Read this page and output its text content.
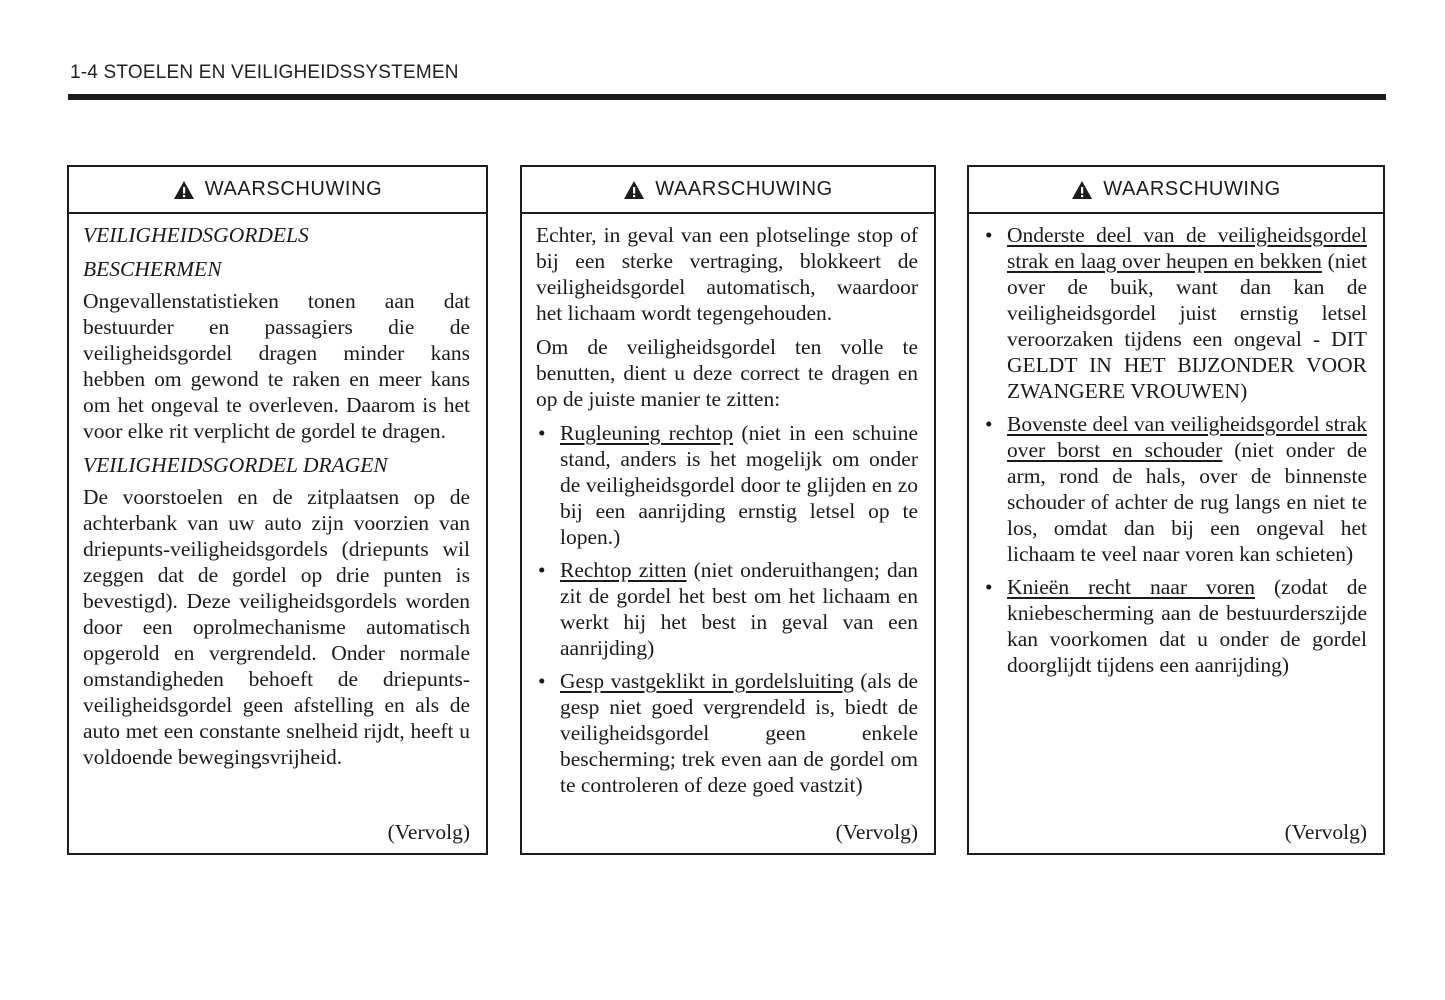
1-4 STOELEN EN VEILIGHEIDSSYSTEMEN
WAARSCHUWING

VEILIGHEIDSGORDELS

BESCHERMEN

Ongevallenstatistieken tonen aan dat bestuurder en passagiers die de veiligheidsgordel dragen minder kans hebben om gewond te raken en meer kans om het ongeval te overleven. Daarom is het voor elke rit verplicht de gordel te dragen.

VEILIGHEIDSGORDEL DRAGEN

De voorstoelen en de zitplaatsen op de achterbank van uw auto zijn voorzien van driepunts-veiligheidsgordels (driepunts wil zeggen dat de gordel op drie punten is bevestigd). Deze veiligheidsgordels worden door een oprolmechanisme automatisch opgerold en vergrendeld. Onder normale omstandigheden behoeft de driepunts-veiligheidsgordel geen afstelling en als de auto met een constante snelheid rijdt, heeft u voldoende bewegingsvrijheid.

(Vervolg)
WAARSCHUWING

Echter, in geval van een plotselinge stop of bij een sterke vertraging, blokkeert de veiligheidsgordel automatisch, waardoor het lichaam wordt tegengehouden.

Om de veiligheidsgordel ten volle te benutten, dient u deze correct te dragen en op de juiste manier te zitten:

• Rugleuning rechtop (niet in een schuine stand, anders is het mogelijk om onder de veiligheidsgordel door te glijden en zo bij een aanrijding ernstig letsel op te lopen.)
• Rechtop zitten (niet onderuithangen; dan zit de gordel het best om het lichaam en werkt hij het best in geval van een aanrijding)
• Gesp vastgeklikt in gordelsluiting (als de gesp niet goed vergrendeld is, biedt de veiligheidsgordel geen enkele bescherming; trek even aan de gordel om te controleren of deze goed vastzit)
(Vervolg)
WAARSCHUWING
• Onderste deel van de veiligheidsgordel strak en laag over heupen en bekken (niet over de buik, want dan kan de veiligheidsgordel juist ernstig letsel veroorzaken tijdens een ongeval - DIT GELDT IN HET BIJZONDER VOOR ZWANGERE VROUWEN)
• Bovenste deel van veiligheidsgordel strak over borst en schouder (niet onder de arm, rond de hals, over de binnenste schouder of achter de rug langs en niet te los, omdat dan bij een ongeval het lichaam te veel naar voren kan schieten)
• Knieën recht naar voren (zodat de kniebescherming aan de bestuurderszijde kan voorkomen dat u onder de gordel doorglijdt tijdens een aanrijding)
(Vervolg)
